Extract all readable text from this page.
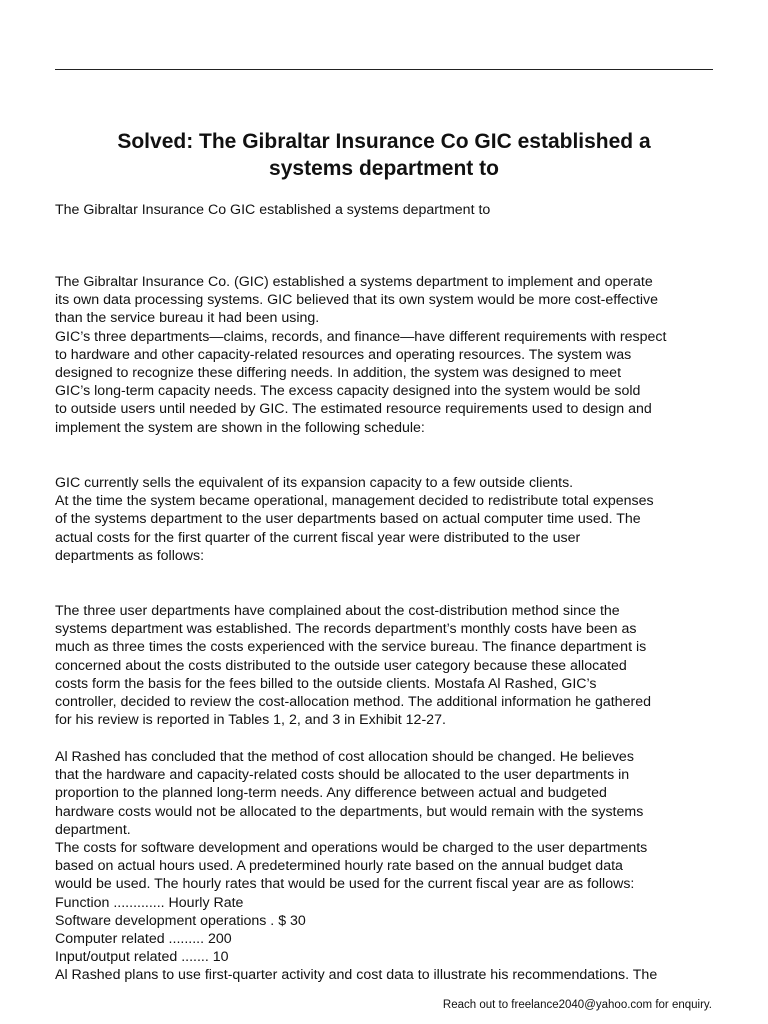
Solved: The Gibraltar Insurance Co GIC established a
systems department to

The Gibraltar Insurance Co GIC established a systems department to

The Gibraltar Insurance Co. (GIC) established a systems department to implement and operate
its own data processing systems. GIC believed that its own system would be more cost-effective
than the service bureau it had been using.
GIC’s three departments—claims, records, and finance—have different requirements with respect
to hardware and other capacity-related resources and operating resources. The system was
designed to recognize these differing needs. In addition, the system was designed to meet
GIC’s long-term capacity needs. The excess capacity designed into the system would be sold
to outside users until needed by GIC. The estimated resource requirements used to design and
implement the system are shown in the following schedule:
GIC currently sells the equivalent of its expansion capacity to a few outside clients.
At the time the system became operational, management decided to redistribute total expenses
of the systems department to the user departments based on actual computer time used. The
actual costs for the first quarter of the current fiscal year were distributed to the user
departments as follows:
The three user departments have complained about the cost-distribution method since the
systems department was established. The records department’s monthly costs have been as
much as three times the costs experienced with the service bureau. The finance department is
concerned about the costs distributed to the outside user category because these allocated
costs form the basis for the fees billed to the outside clients. Mostafa Al Rashed, GIC’s
controller, decided to review the cost-allocation method. The additional information he gathered
for his review is reported in Tables 1, 2, and 3 in Exhibit 12-27.
Al Rashed has concluded that the method of cost allocation should be changed. He believes
that the hardware and capacity-related costs should be allocated to the user departments in
proportion to the planned long-term needs. Any difference between actual and budgeted
hardware costs would not be allocated to the departments, but would remain with the systems
department.
The costs for software development and operations would be charged to the user departments
based on actual hours used. A predetermined hourly rate based on the annual budget data
would be used. The hourly rates that would be used for the current fiscal year are as follows:
Function ............. Hourly Rate
Software development operations . $ 30
Computer related ......... 200
Input/output related ....... 10
Al Rashed plans to use first-quarter activity and cost data to illustrate his recommendations. The

Reach out to freelance2040@yahoo.com for enquiry.
